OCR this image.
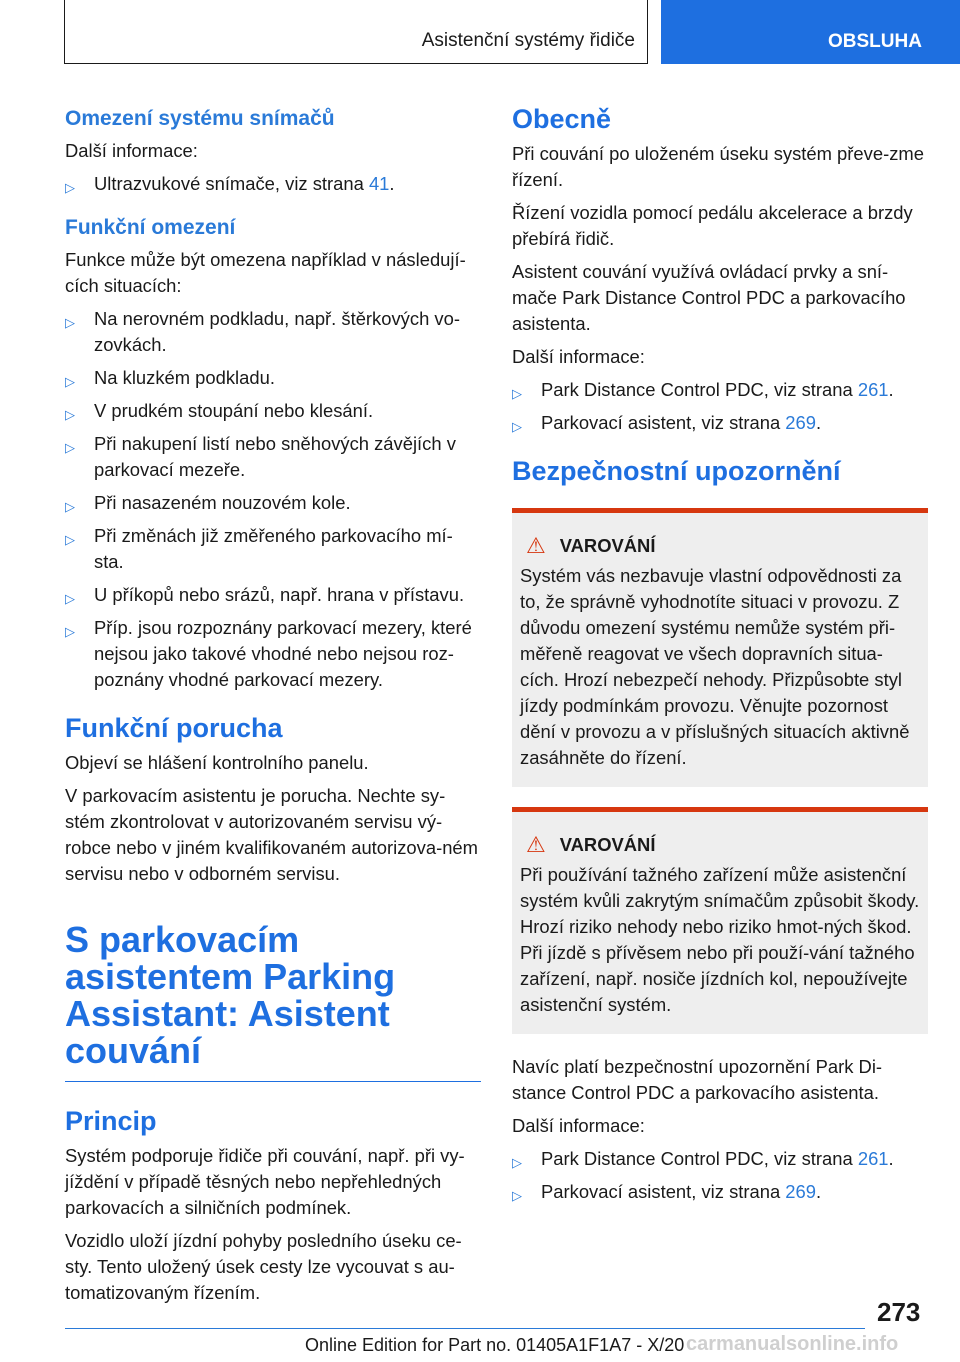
Asistenční systémy řidiče	OBSLUHA
Omezení systému snímačů

Další informace:

▷ Ultrazvukové snímače, viz strana 41.
Funkční omezení

Funkce může být omezena například v následují-cích situacích:

▷ Na nerovném podkladu, např. štěrkových vo-zovkách.
▷ Na kluzkém podkladu.
▷ V prudkém stoupání nebo klesání.
▷ Při nakupení listí nebo sněhových závějích v parkovací mezeře.
▷ Při nasazeném nouzovém kole.
▷ Při změnách již změřeného parkovacího mí-sta.
▷ U příkopů nebo srázů, např. hrana v přístavu.
▷ Příp. jsou rozpoznány parkovací mezery, které nejsou jako takové vhodné nebo nejsou roz-poznány vhodné parkovací mezery.
Funkční porucha

Objeví se hlášení kontrolního panelu.

V parkovacím asistentu je porucha. Nechte sy-stém zkontrolovat v autorizovaném servisu vý-robce nebo v jiném kvalifikovaném autorizova-ném servisu nebo v odborném servisu.

S parkovacím asistentem Parking Assistant: Asistent couvání
Princip

Systém podporuje řidiče při couvání, např. při vy-jíždění v případě těsných nebo nepřehledných parkovacích a silničních podmínek.

Vozidlo uloží jízdní pohyby posledního úseku ce-sty. Tento uložený úsek cesty lze vycouvat s au-tomatizovaným řízením.

Obecně

Při couvání po uloženém úseku systém převe-zme řízení.

Řízení vozidla pomocí pedálu akcelerace a brzdy přebírá řidič.

Asistent couvání využívá ovládací prvky a sní-mače Park Distance Control PDC a parkovacího asistenta.

Další informace:

▷ Park Distance Control PDC, viz strana 261.
▷ Parkovací asistent, viz strana 269.
Bezpečnostní upozornění
⚠ VAROVÁNÍ

Systém vás nezbavuje vlastní odpovědnosti za to, že správně vyhodnotíte situaci v provozu. Z důvodu omezení systému nemůže systém při-měřeně reagovat ve všech dopravních situa-cích. Hrozí nebezpečí nehody. Přizpůsobte styl jízdy podmínkám provozu. Věnujte pozornost dění v provozu a v příslušných situacích aktivně zasáhněte do řízení.

⚠ VAROVÁNÍ

Při používání tažného zařízení může asistenční systém kvůli zakrytým snímačům způsobit škody. Hrozí riziko nehody nebo riziko hmot-ných škod. Při jízdě s přívěsem nebo při použí-vání tažného zařízení, např. nosiče jízdních kol, nepoužívejte asistenční systém.

Navíc platí bezpečnostní upozornění Park Di-stance Control PDC a parkovacího asistenta.

Další informace:

▷ Park Distance Control PDC, viz strana 261.
▷ Parkovací asistent, viz strana 269.
273
Online Edition for Part no. 01405A1F1A7 - X/20 carmanualsonline.info
